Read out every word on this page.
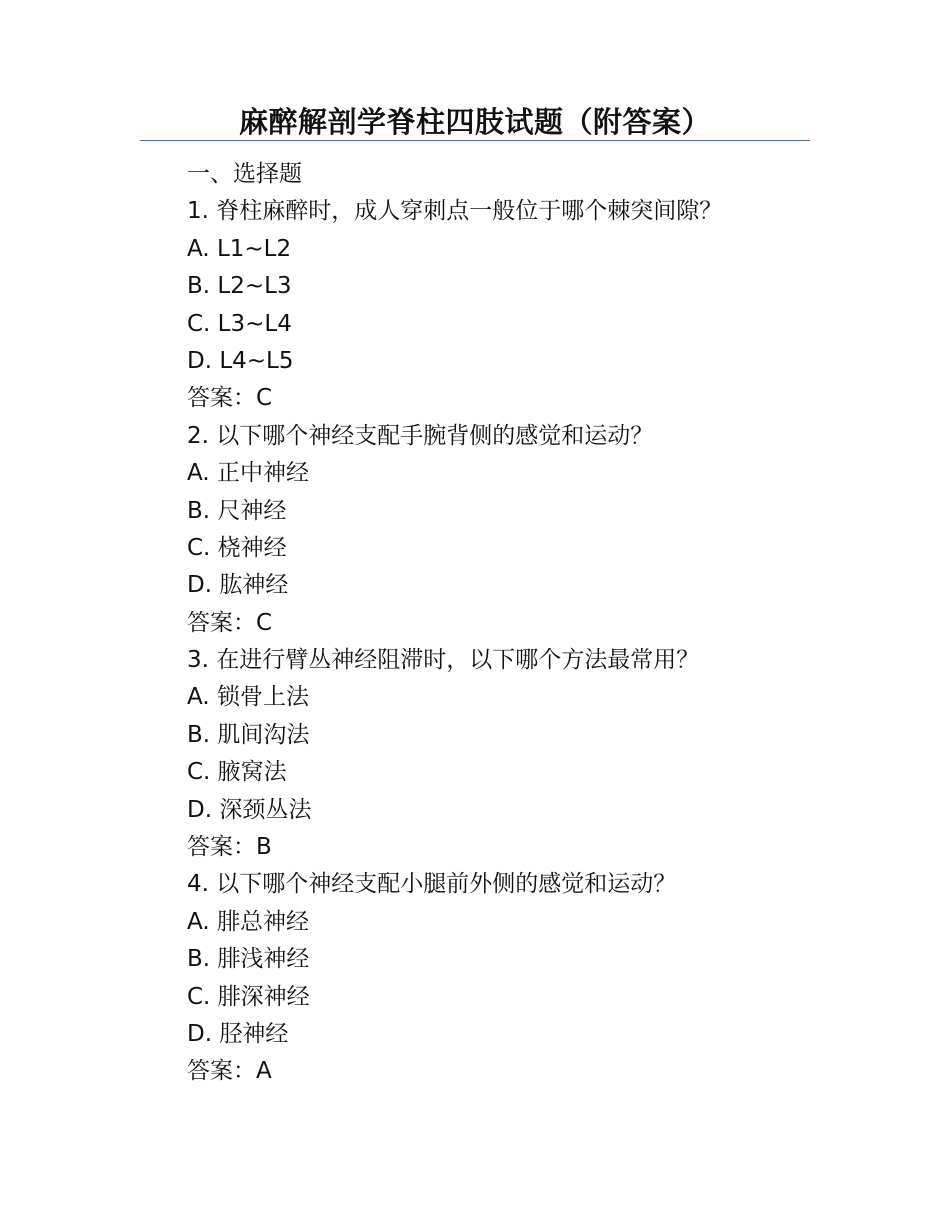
麻醉解剖学脊柱四肢试题（附答案）

一、选择题

1. 脊柱麻醉时，成人穿刺点一般位于哪个棘突间隙？

A. L1~L2

B. L2~L3

C. L3~L4

D. L4~L5

答案：C

2. 以下哪个神经支配手腕背侧的感觉和运动？

A. 正中神经

B. 尺神经

C. 桡神经

D. 肱神经

答案：C

3. 在进行臂丛神经阻滞时，以下哪个方法最常用？

A. 锁骨上法

B. 肌间沟法

C. 腋窝法

D. 深颈丛法

答案：B

4. 以下哪个神经支配小腿前外侧的感觉和运动？

A. 腓总神经

B. 腓浅神经

C. 腓深神经

D. 胫神经

答案：A
